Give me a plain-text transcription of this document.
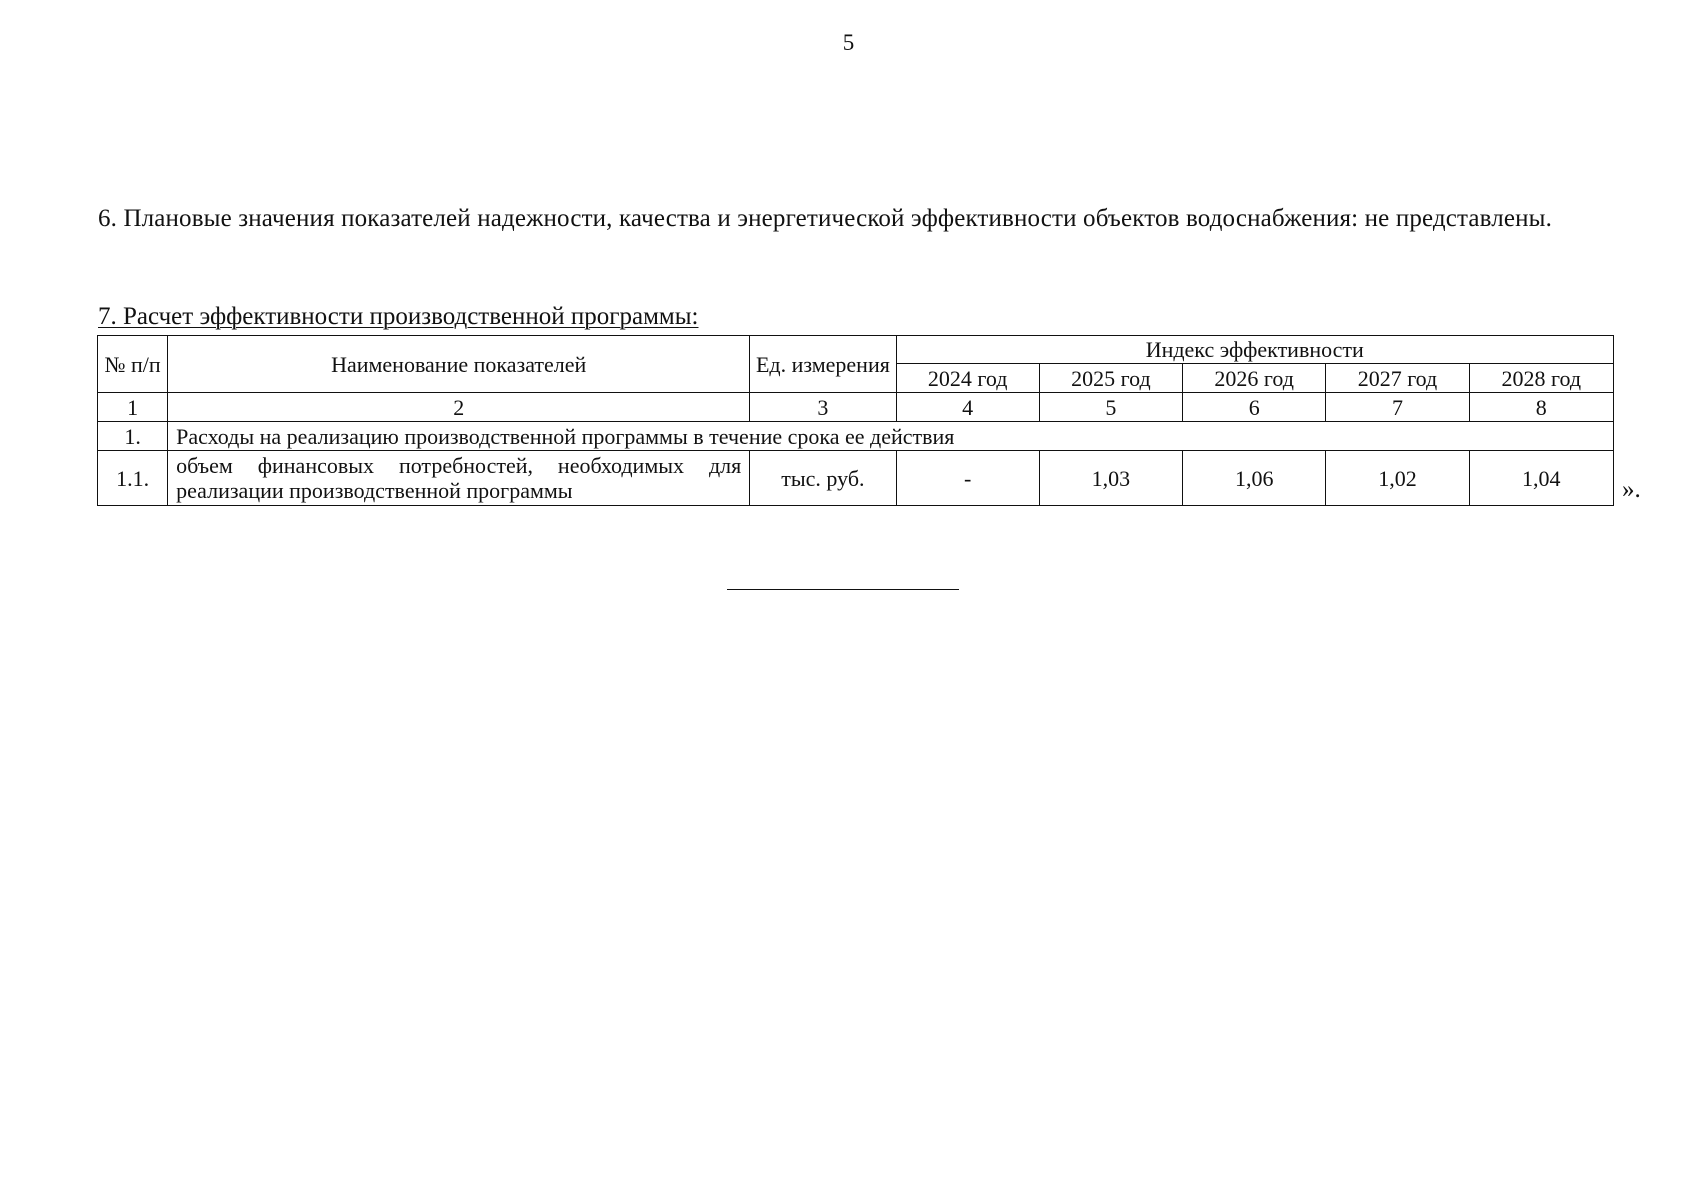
5
6. Плановые значения показателей надежности, качества и энергетической эффективности объектов водоснабжения: не представлены.
7. Расчет эффективности производственной программы:
№ п/п	Наименование показателей	Ед. измерения	Индекс эффективности				
			2024 год	2025 год	2026 год	2027 год	2028 год
1	2	3	4	5	6	7	8
1.	Расходы на реализацию производственной программы в течение срока ее действия						
1.1.	объем финансовых потребностей, необходимых для реализации производственной программы	тыс. руб.	-	1,03	1,06	1,02	1,04 ».
